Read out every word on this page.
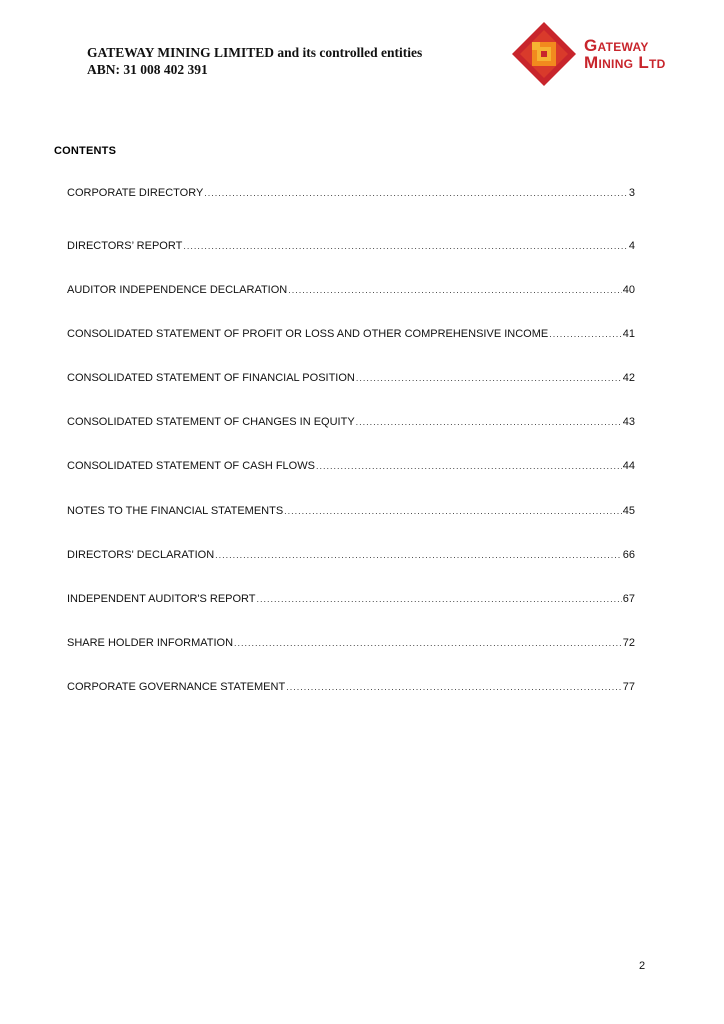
GATEWAY MINING LIMITED and its controlled entities
ABN: 31 008 402 391
Gateway
Mining Ltd
CONTENTS
CORPORATE DIRECTORY .....	3
DIRECTORS’ REPORT .....	4
AUDITOR INDEPENDENCE DECLARATION .....	40
CONSOLIDATED STATEMENT OF PROFIT OR LOSS AND OTHER COMPREHENSIVE INCOME .....	41
CONSOLIDATED STATEMENT OF FINANCIAL POSITION .....	42
CONSOLIDATED STATEMENT OF CHANGES IN EQUITY .....	43
CONSOLIDATED STATEMENT OF CASH FLOWS .....	44
NOTES TO THE FINANCIAL STATEMENTS .....	45
DIRECTORS' DECLARATION .....	66
INDEPENDENT AUDITOR'S REPORT .....	67
SHARE HOLDER INFORMATION .....	72
CORPORATE GOVERNANCE STATEMENT .....	77
2
